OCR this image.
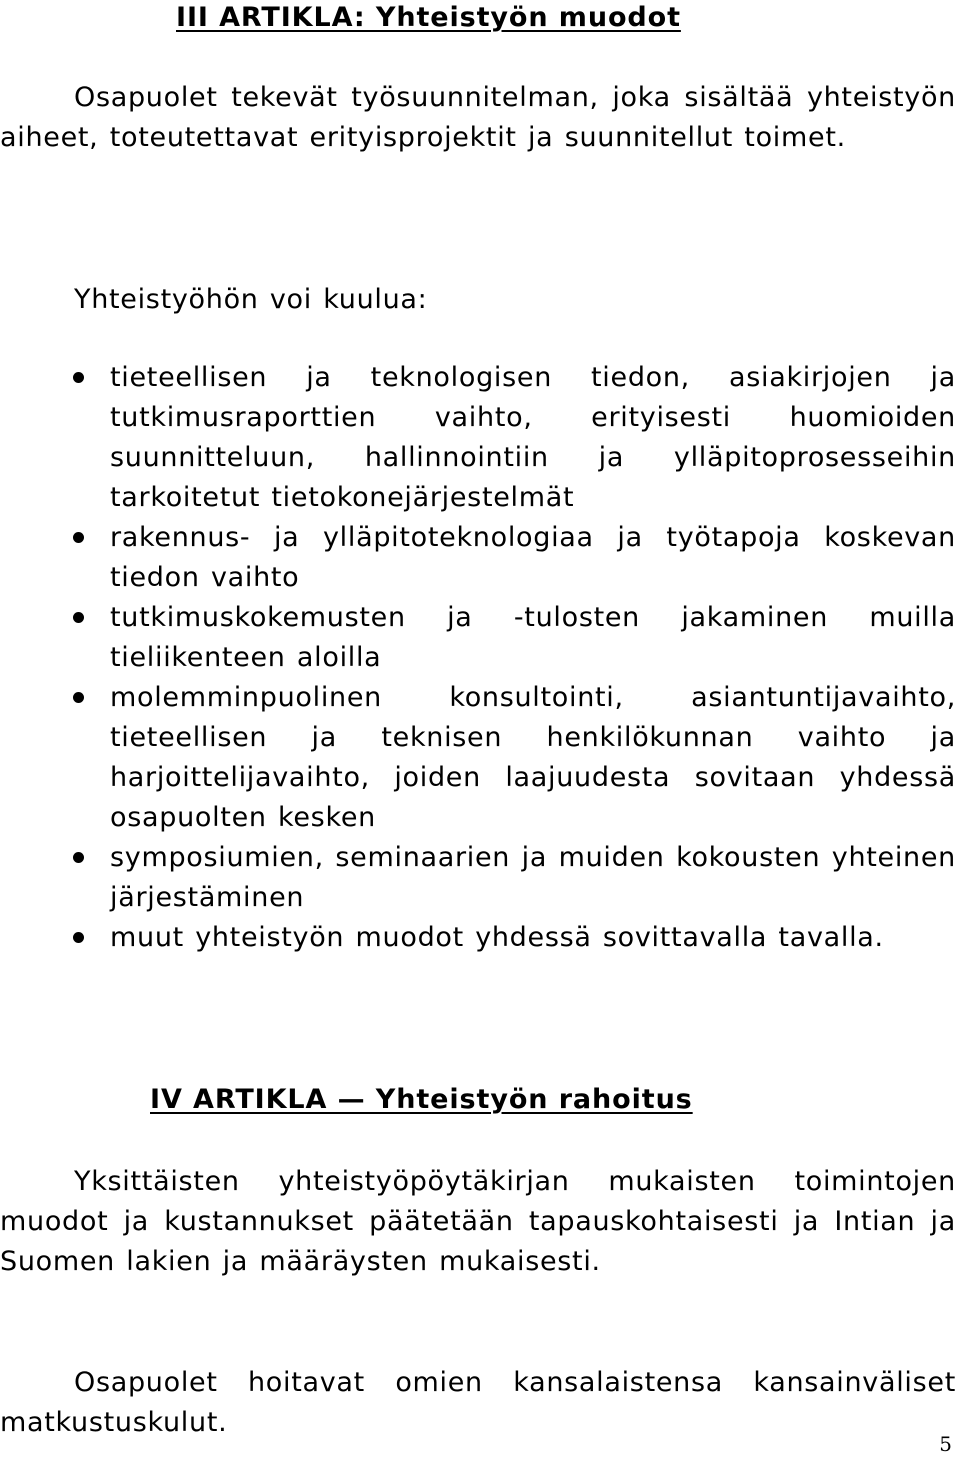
III ARTIKLA: Yhteistyön muodot

Osapuolet tekevät työsuunnitelman, joka sisältää yhteistyön aiheet, toteutettavat erityisprojektit ja suunnitellut toimet.

Yhteistyöhön voi kuulua:

tieteellisen ja teknologisen tiedon, asiakirjojen ja tutkimusraporttien vaihto, erityisesti huomioiden suunnitteluun, hallinnointiin ja ylläpitoprosesseihin tarkoitetut tietokonejärjestelmät
rakennus- ja ylläpitoteknologiaa ja työtapoja koskevan tiedon vaihto
tutkimuskokemusten ja -tulosten jakaminen muilla tieliikenteen aloilla
molemminpuolinen konsultointi, asiantuntijavaihto, tieteellisen ja teknisen henkilökunnan vaihto ja harjoittelijavaihto, joiden laajuudesta sovitaan yhdessä osapuolten kesken
symposiumien, seminaarien ja muiden kokousten yhteinen järjestäminen
muut yhteistyön muodot yhdessä sovittavalla tavalla.
IV ARTIKLA — Yhteistyön rahoitus

Yksittäisten yhteistyöpöytäkirjan mukaisten toimintojen muodot ja kustannukset päätetään tapauskohtaisesti ja Intian ja Suomen lakien ja määräysten mukaisesti.

Osapuolet hoitavat omien kansalaistensa kansainväliset matkustuskulut.

5
